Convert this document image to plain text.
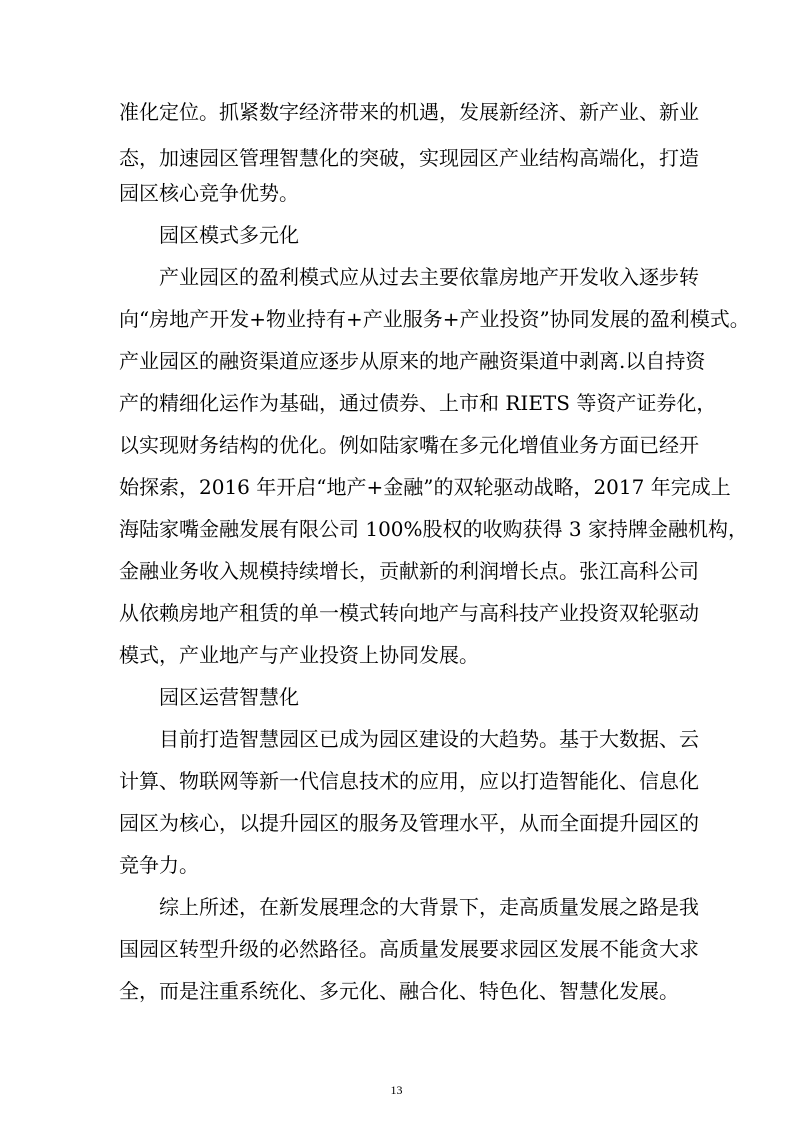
准化定位。抓紧数字经济带来的机遇，发展新经济、新产业、新业
态，加速园区管理智慧化的突破，实现园区产业结构高端化，打造
园区核心竞争优势。
园区模式多元化
产业园区的盈利模式应从过去主要依靠房地产开发收入逐步转
向“房地产开发+物业持有+产业服务+产业投资”协同发展的盈利模式。
产业园区的融资渠道应逐步从原来的地产融资渠道中剥离.以自持资
产的精细化运作为基础，通过债券、上市和 RIETS 等资产证券化，
以实现财务结构的优化。例如陆家嘴在多元化增值业务方面已经开
始探索，2016 年开启“地产+金融”的双轮驱动战略，2017 年完成上
海陆家嘴金融发展有限公司 100%股权的收购获得 3 家持牌金融机构，
金融业务收入规模持续增长，贡献新的利润增长点。张江高科公司
从依赖房地产租赁的单一模式转向地产与高科技产业投资双轮驱动
模式，产业地产与产业投资上协同发展。
园区运营智慧化
目前打造智慧园区已成为园区建设的大趋势。基于大数据、云
计算、物联网等新一代信息技术的应用，应以打造智能化、信息化
园区为核心，以提升园区的服务及管理水平，从而全面提升园区的
竞争力。
综上所述，在新发展理念的大背景下，走高质量发展之路是我
国园区转型升级的必然路径。高质量发展要求园区发展不能贪大求
全，而是注重系统化、多元化、融合化、特色化、智慧化发展。
13
